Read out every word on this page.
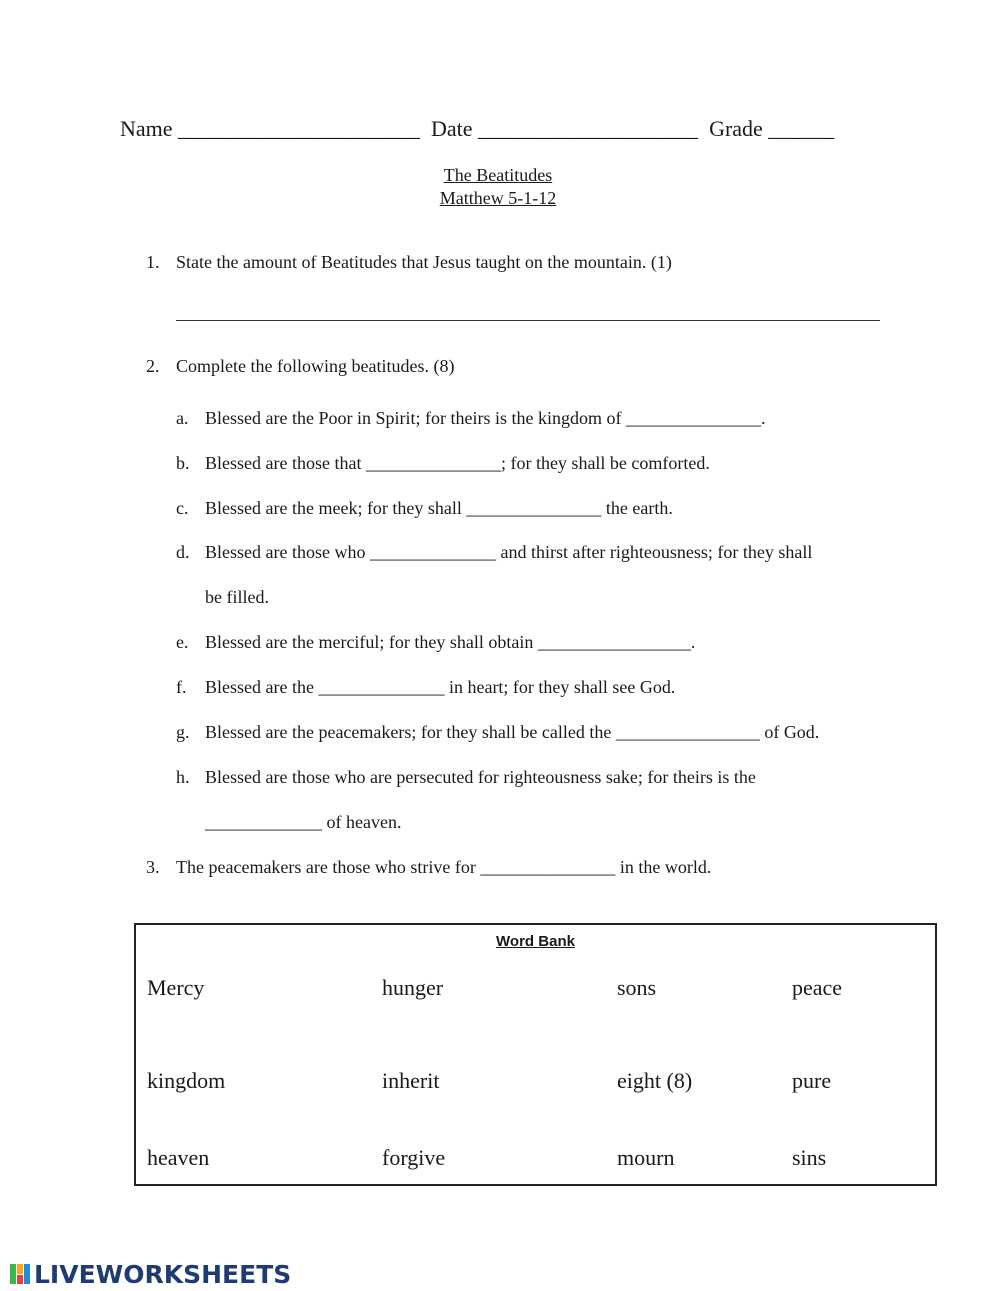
Name ______________________ Date ____________________ Grade ______
The Beatitudes
Matthew 5-1-12
1. State the amount of Beatitudes that Jesus taught on the mountain. (1)
2. Complete the following beatitudes. (8)
a. Blessed are the Poor in Spirit; for theirs is the kingdom of _______________.
b. Blessed are those that _______________; for they shall be comforted.
c. Blessed are the meek; for they shall _______________ the earth.
d. Blessed are those who ______________ and thirst after righteousness; for they shall
be filled.
e. Blessed are the merciful; for they shall obtain _________________.
f. Blessed are the ______________ in heart; for they shall see God.
g. Blessed are the peacemakers; for they shall be called the ________________ of God.
h. Blessed are those who are persecuted for righteousness sake; for theirs is the
_____________ of heaven.
3. The peacemakers are those who strive for _______________ in the world.
Word Bank
Mercy	hunger	sons	peace
kingdom	inherit	eight (8)	pure
heaven	forgive	mourn	sins
LIVEWORKSHEETS
